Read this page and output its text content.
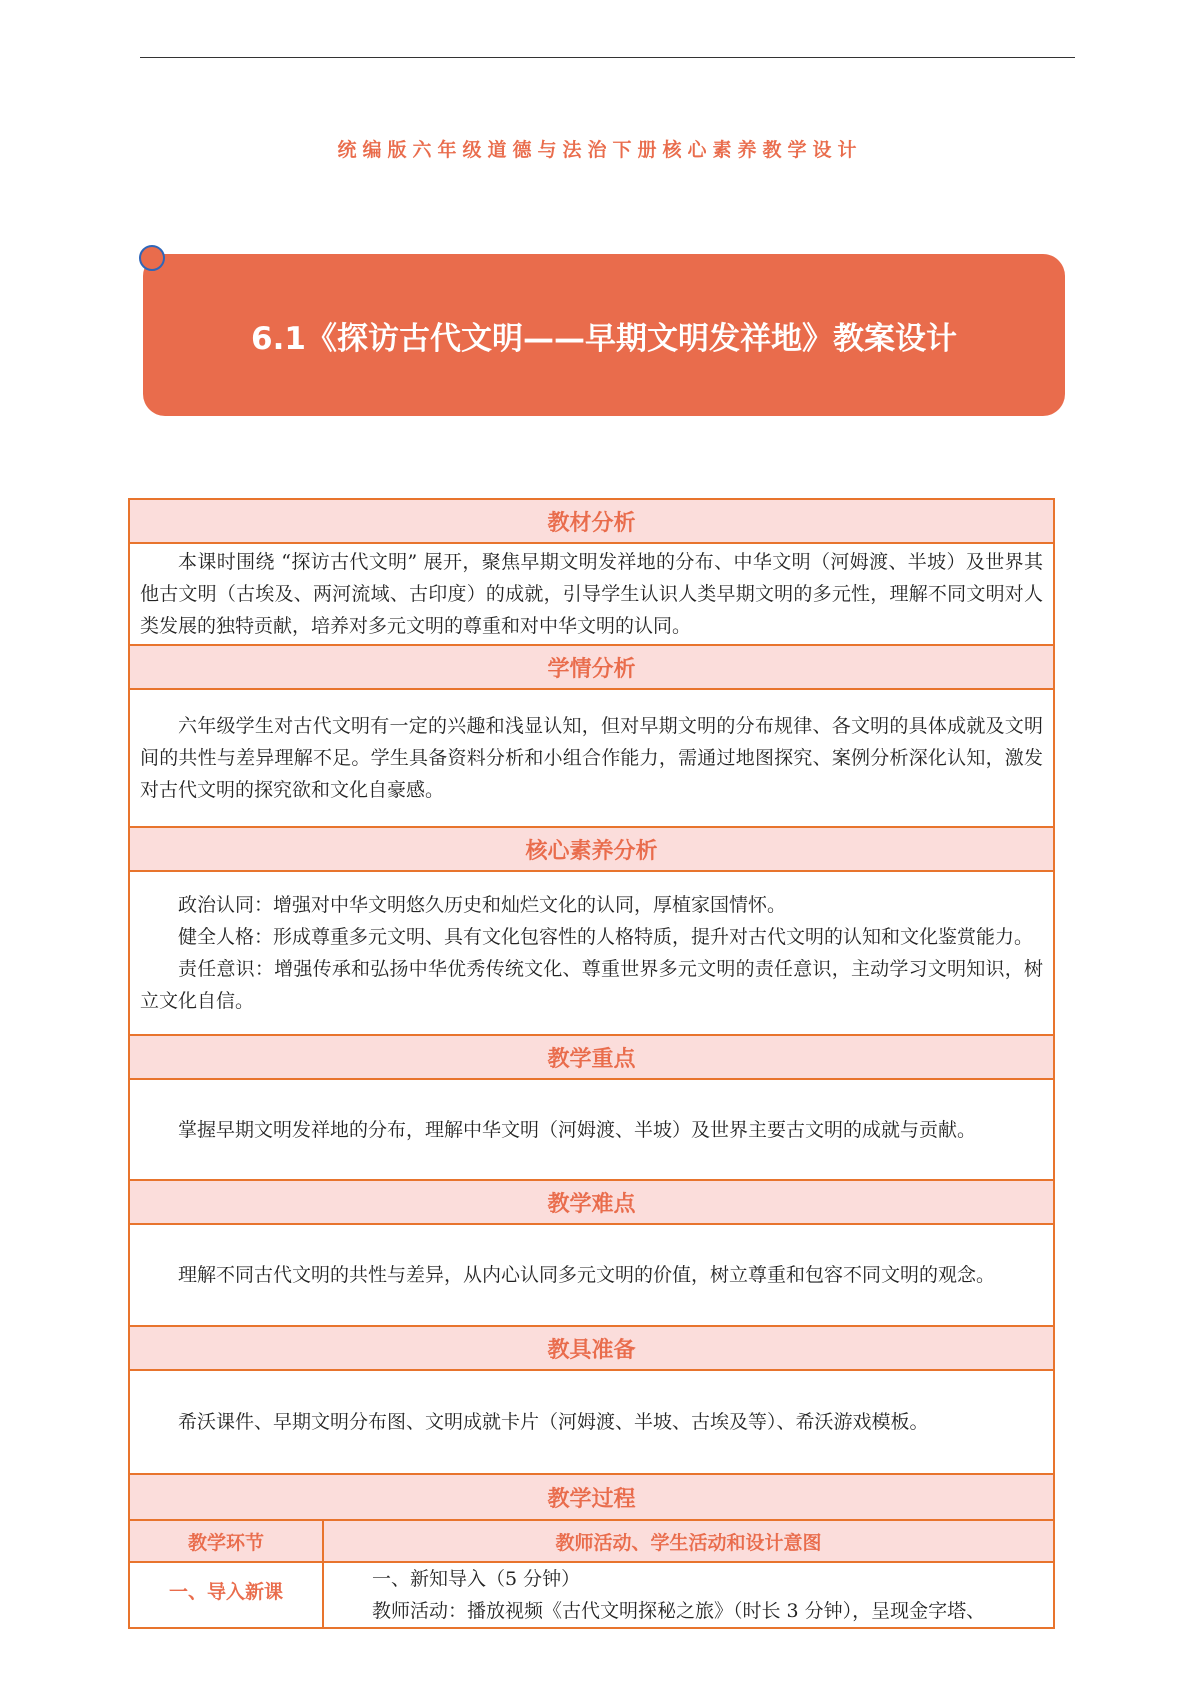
统编版六年级道德与法治下册核心素养教学设计
6.1《探访古代文明——早期文明发祥地》教案设计
教材分析	

本课时围绕 “探访古代文明” 展开，聚焦早期文明发祥地的分布、中华文明（河姆渡、半坡）及世界其他古文明（古埃及、两河流域、古印度）的成就，引导学生认识人类早期文明的多元性，理解不同文明对人类发展的独特贡献，培养对多元文明的尊重和对中华文明的认同。	

学情分析	

六年级学生对古代文明有一定的兴趣和浅显认知，但对早期文明的分布规律、各文明的具体成就及文明间的共性与差异理解不足。学生具备资料分析和小组合作能力，需通过地图探究、案例分析深化认知，激发对古代文明的探究欲和文化自豪感。	

核心素养分析	

政治认同：增强对中华文明悠久历史和灿烂文化的认同，厚植家国情怀。

健全人格：形成尊重多元文明、具有文化包容性的人格特质，提升对古代文明的认知和文化鉴赏能力。

责任意识：增强传承和弘扬中华优秀传统文化、尊重世界多元文明的责任意识，主动学习文明知识，树立文化自信。	

教学重点	

掌握早期文明发祥地的分布，理解中华文明（河姆渡、半坡）及世界主要古文明的成就与贡献。	

教学难点	

理解不同古代文明的共性与差异，从内心认同多元文明的价值，树立尊重和包容不同文明的观念。	

教具准备	

希沃课件、早期文明分布图、文明成就卡片（河姆渡、半坡、古埃及等）、希沃游戏模板。	

教学过程	
教学环节	教师活动、学生活动和设计意图
一、导入新课	一、新知导入（5 分钟）

教师活动：播放视频《古代文明探秘之旅》（时长 3 分钟），呈现金字塔、
